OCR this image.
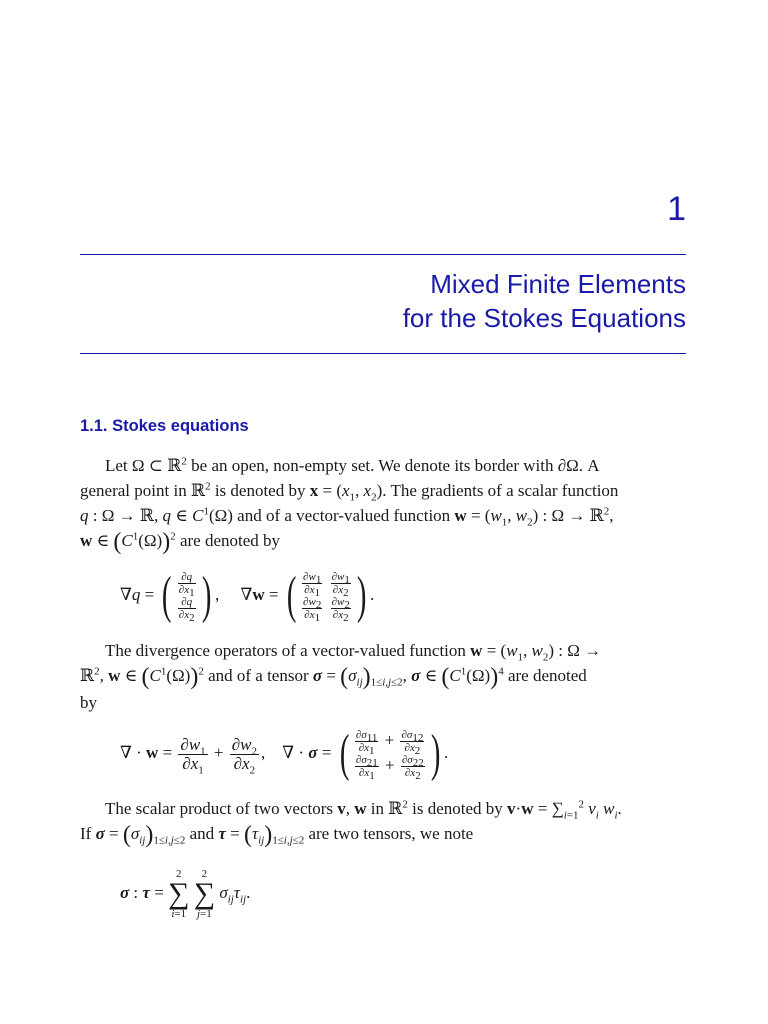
1
Mixed Finite Elements
for the Stokes Equations
1.1. Stokes equations
Let Ω ⊂ ℝ$^2$ be an open, non-empty set. We denote its border with ∂Ω. A
general point in ℝ$^2$ is denoted by $x = (x_1$, $x_2$). The gradients of a scalar function
q : Ω → ℝ, q ∈ $C^1(\Omega)$ and of a vector-valued function $w = (w_1$, $w_2$) : Ω → ℝ$^2$,
w ∈ $(C^1(\Omega))^2$ are denoted by
∇q = ( $\frac{\partial q}{\partial x_1}$
$\frac{\partial q}{\partial x_2}$ ) ,     ∇w = ( $\frac{\partial w_1}{\partial x_1}$
$\frac{\partial w_1}{\partial x_2}$
$\frac{\partial w_2}{\partial x_1}$
$\frac{\partial w_2}{\partial x_2}$ ) .
The divergence operators of a vector-valued function $w = (w_1$, $w_2$) : Ω →
ℝ$^2$, w ∈ $(C^1(\Omega))^2$ and of a tensor $\sigma = (\sigma_{ij})_{1\le i,j\le 2}$, σ ∈ $(C^1(\Omega))^4$ are denoted
by
∇ · $w = \frac{\partial w_1}{\partial x_1} + \frac{\partial w_2}{\partial x_2}$ ,    ∇ · σ = ( $\frac{\partial\sigma_{11}}{\partial x_1} + \frac{\partial\sigma_{12}}{\partial x_2}$
$\frac{\partial\sigma_{21}}{\partial x_1} + \frac{\partial\sigma_{22}}{\partial x_2}$ ) .
The scalar product of two vectors v, w in ℝ$^2$ is denoted by $v\cdot w = \sum_{i=1}^2$ $v_i$ $w_i$.
If $\sigma = (\sigma_{ij})_{1\le i,j\le 2}$ and $\tau = (\tau_{ij})_{1\le i,j\le 2}$ are two tensors, we note
σ : τ =
2
∑
i=1

2
∑
j=1
$\sigma_{ij}\tau_{ij}$.
